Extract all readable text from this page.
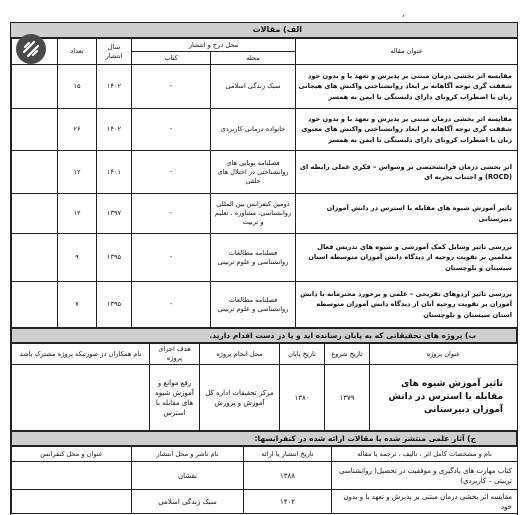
,
الف) مقالات
عنوان مقاله	محل درج و انتشار		سال انتشار	تعداد	
	مجله	کتاب			
مقایسه اثر بخشی درمان مبتنی بر پذیرش و تعهد با و بدون خود شفقت گری توجه آگاهانه بر ابعاد روانشناختی واکنش های هیجانی زنان با اضطراب کرونای دارای دلبستگی نا ایمن به همسر	سبک زندگی اسلامی	-	۱۴۰۲	۱۵	
مقایسه اثر بخشی درمان مبتنی بر پذیرش و تعهد با و بدون خود شفقت گری توجه آگاهانه بر ابعاد روانشناختی واکنش های معنوی زنان با اضطراب کرونای دارای دلبستگی نا ایمن به همسر	خانواده درمانی کاربردی	-	۱۴۰۲	۲۶	
اثر بخشی درمان فراتشخیصی بر وسواس – فکری عملی رابطه ای (ROCD) و اجتناب تجربه ای	فصلنامه پویایی های روانشناختی در اختلال های خلقی	-	۱۴۰۱	۱۲	
تاثیر آموزش شیوه های مقابله با استرس در دانش آموزان دبیرستانی	دومین کنفرانس بین المللی روانشناسی، مشاوره ، تعلیم و تربیت	-	۱۳۹۷	۱۲	
بررسی تاثیر وسایل کمک آموزشی و شیوه های تدریس فعال معلمین بر تقویت روحیه از دیدگاه دانش آموزان متوسطه استان سیستان و بلوچستان	فصلنامه مطالعات روانشناسی و علوم تربیتی	-	۱۳۹۵	۹	
بررسی تاثیر اردوهای تفریحی – علمی و برخورد محترمانه با دانش آموزان بر تقویت روحیه آنان از دیدگاه دانش آموزان متوسطه استان سیستان و بلوچستان	فصلنامه مطالعات روانشناسی و علوم تربیتی	-	۱۳۹۵	۷	
ب) پروژه های تحقیقاتی که به پایان رسانده اید و یا در دست اقدام دارید.
عنوان پروژه	تاریخ شروع	تاریخ پایان	محل انجام پروژه	هدف اجرای پروژه	نام همکاران در صورتیکه پروژه مشترک باشد
تاثیر آموزش شیوه های مقابله با استرس در دانش آموزان دبیرستانی	۱۳۷۹	۱۳۸۰	مرکز تحقیقات اداره کل آموزش و پرورش	رفع موانع و آموزش شیوه های مقابله با استرس	
ج) آثار علمی منتشر شده یا مقالات ارائه شده در کنفرانسها:
نام و مشخصات کامل اثر ، تالیف ، ترجمه یا مقاله	تاریخ انتشار یا ارائه	نام ناشر و محل انتشار	عنوان و محل کنفرانس
کتاب مهارت های یادگیری و موفقیت در تحصیل( روانشناسی تربیتی – کاربردی)	۱۳۸۸	نقشان	
مقایسه اثر بخشی درمان مبتنی بر پذیرش و تعهد با و بدون خود	۱۴۰۲	سبک زندگی اسلامی	
